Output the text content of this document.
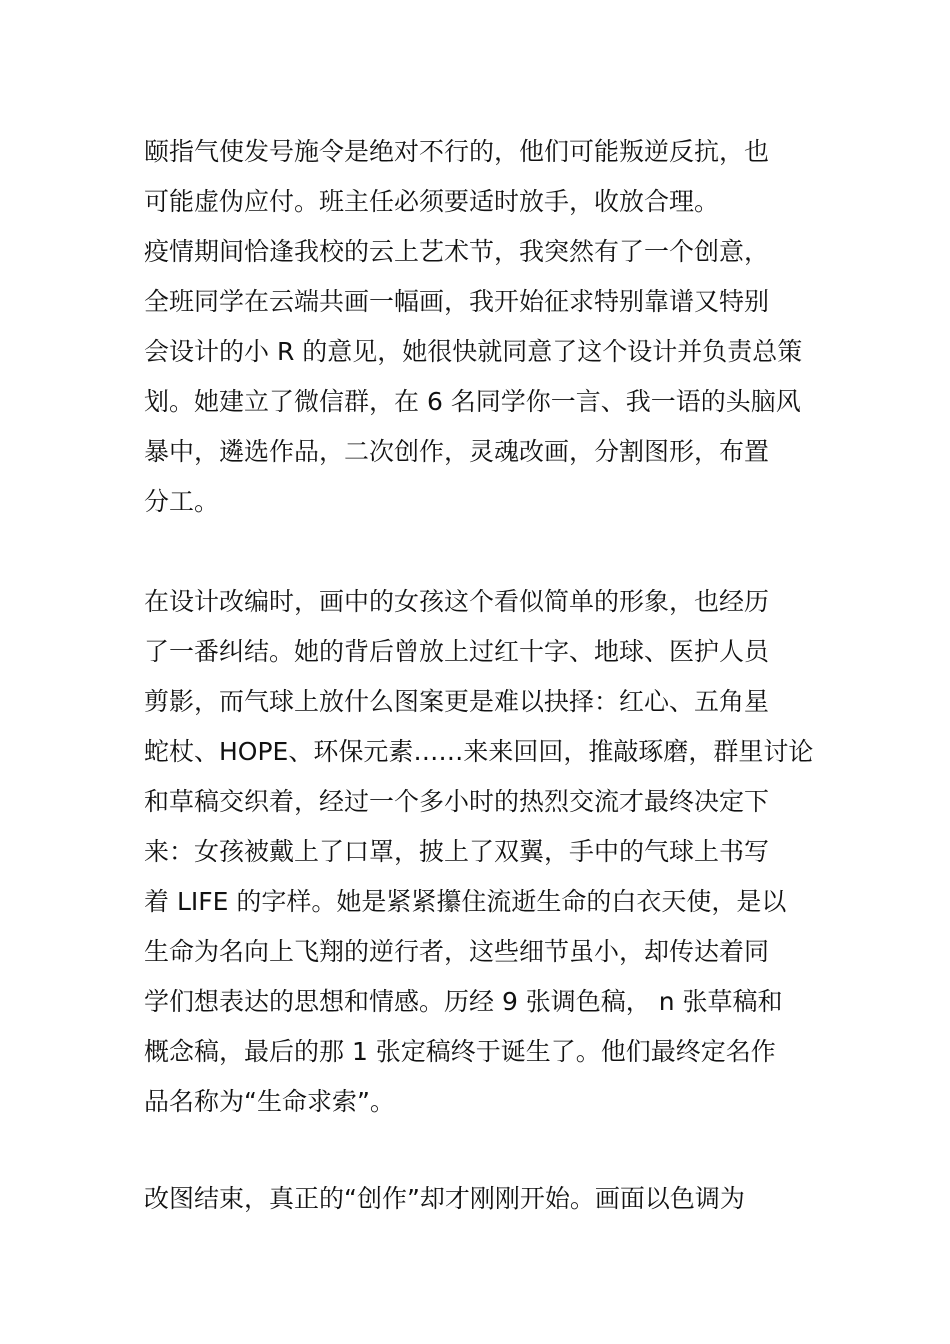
颐指气使发号施令是绝对不行的，他们可能叛逆反抗，也
可能虚伪应付。班主任必须要适时放手，收放合理。
疫情期间恰逢我校的云上艺术节，我突然有了一个创意，
全班同学在云端共画一幅画，我开始征求特别靠谱又特别
会设计的小 R 的意见，她很快就同意了这个设计并负责总策
划。她建立了微信群，在 6 名同学你一言、我一语的头脑风
暴中，遴选作品，二次创作，灵魂改画，分割图形，布置
分工。
在设计改编时，画中的女孩这个看似简单的形象，也经历
了一番纠结。她的背后曾放上过红十字、地球、医护人员
剪影，而气球上放什么图案更是难以抉择：红心、五角星
蛇杖、HOPE、环保元素……来来回回，推敲琢磨，群里讨论
和草稿交织着，经过一个多小时的热烈交流才最终决定下
来：女孩被戴上了口罩，披上了双翼，手中的气球上书写
着 LIFE 的字样。她是紧紧攥住流逝生命的白衣天使，是以
生命为名向上飞翔的逆行者，这些细节虽小，却传达着同
学们想表达的思想和情感。历经 9 张调色稿， n 张草稿和
概念稿，最后的那 1 张定稿终于诞生了。他们最终定名作
品名称为“生命求索”。
改图结束，真正的“创作”却才刚刚开始。画面以色调为
